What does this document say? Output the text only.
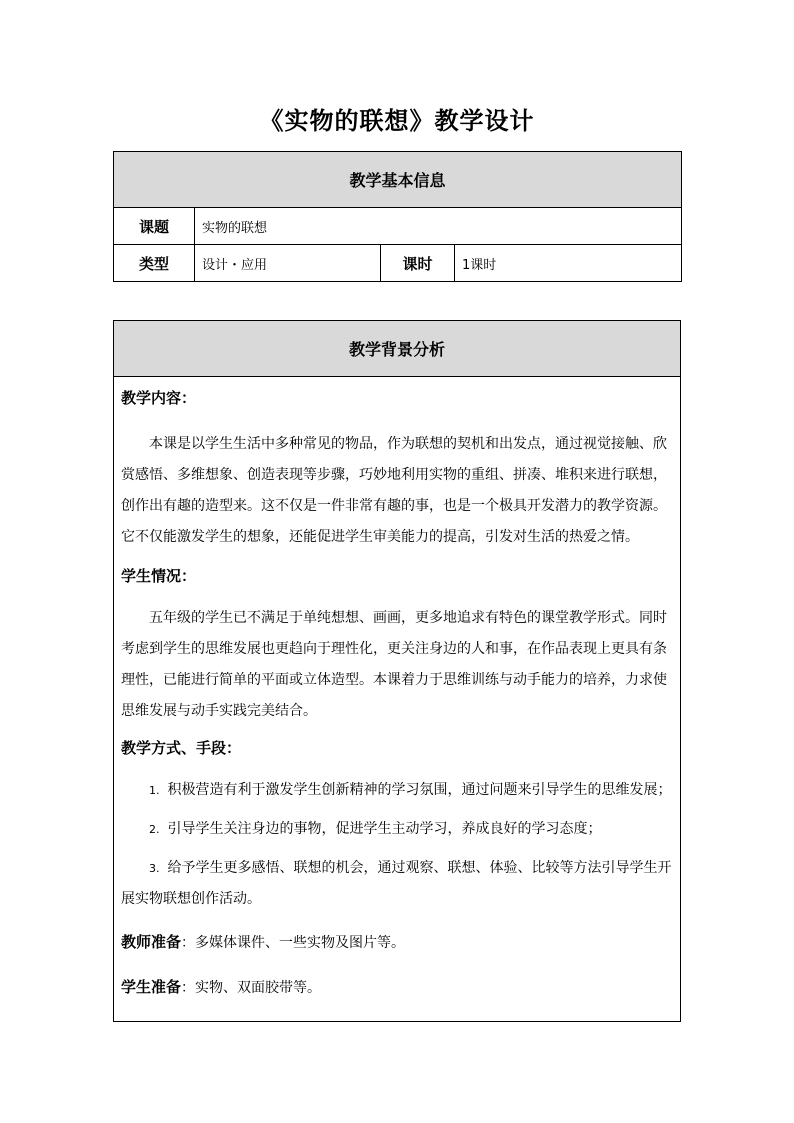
《实物的联想》教学设计
教学基本信息			
课题	实物的联想		
类型	设计・应用	课时	1课时
教学背景分析

教学内容：

本课是以学生生活中多种常见的物品，作为联想的契机和出发点，通过视觉接触、欣赏感悟、多维想象、创造表现等步骤，巧妙地利用实物的重组、拼凑、堆积来进行联想，创作出有趣的造型来。这不仅是一件非常有趣的事，也是一个极具开发潜力的教学资源。它不仅能激发学生的想象，还能促进学生审美能力的提高，引发对生活的热爱之情。

学生情况：

五年级的学生已不满足于单纯想想、画画，更多地追求有特色的课堂教学形式。同时考虑到学生的思维发展也更趋向于理性化，更关注身边的人和事，在作品表现上更具有条理性，已能进行简单的平面或立体造型。本课着力于思维训练与动手能力的培养，力求使思维发展与动手实践完美结合。

教学方式、手段：

1. 积极营造有利于激发学生创新精神的学习氛围，通过问题来引导学生的思维发展；

2. 引导学生关注身边的事物，促进学生主动学习，养成良好的学习态度；

3. 给予学生更多感悟、联想的机会，通过观察、联想、体验、比较等方法引导学生开展实物联想创作活动。

教师准备：多媒体课件、一些实物及图片等。

学生准备：实物、双面胶带等。
